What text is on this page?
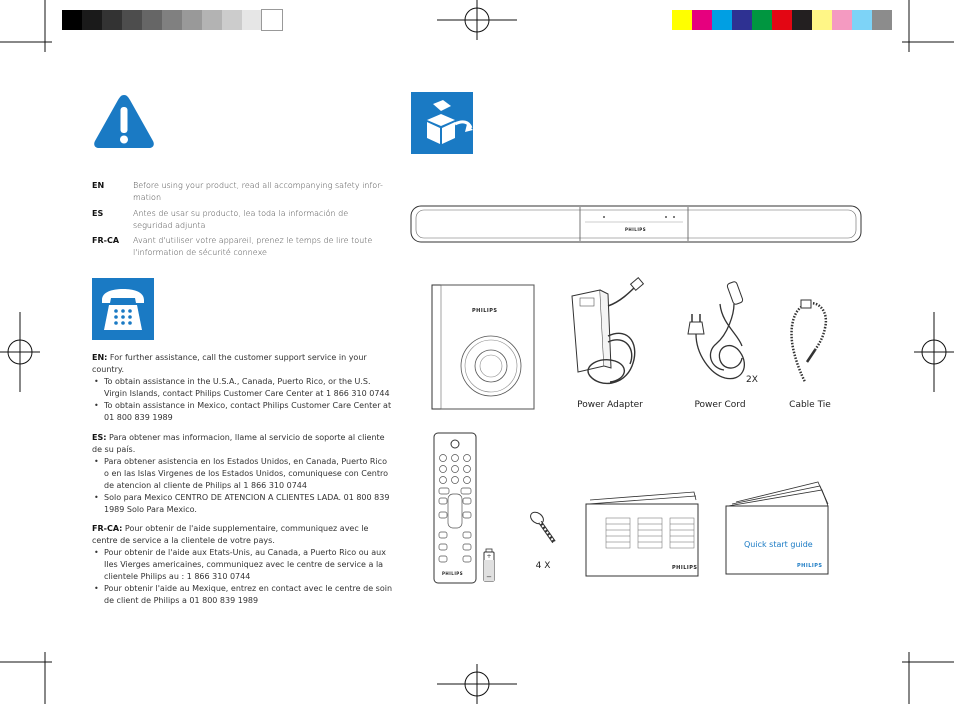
EN	Before using your product, read all accompanying safety infor-mation
ES	Antes de usar su producto, lea toda la información de seguridad adjunta
FR-CA Avant d'utiliser votre appareil, prenez le temps de lire toute l'information de sécurité connexe
EN: For further assistance, call the customer support service in your country.
• To obtain assistance in the U.S.A., Canada, Puerto Rico, or the U.S. Virgin Islands, contact Philips Customer Care Center at 1 866 310 0744
• To obtain assistance in Mexico, contact Philips Customer Care Center at 01 800 839 1989
ES: Para obtener mas informacion, llame al servicio de soporte al cliente de su país.
• Para obtener asistencia en los Estados Unidos, en Canada, Puerto Rico o en las Islas Virgenes de los Estados Unidos, comuniquese con Centro de atencion al cliente de Philips al 1 866 310 0744
• Solo para Mexico CENTRO DE ATENCION A CLIENTES LADA. 01 800 839 1989 Solo Para Mexico.
FR-CA: Pour obtenir de l'aide supplementaire, communiquez avec le centre de service a la clientele de votre pays.
• Pour obtenir de l'aide aux Etats-Unis, au Canada, a Puerto Rico ou aux Iles Vierges americaines, communiquez avec le centre de service a la clientele Philips au : 1 866 310 0744
• Pour obtenir l'aide au Mexique, entrez en contact avec le centre de soin de client de Philips a 01 800 839 1989
PHILIPS
PHILIPS
Power Adapter
2X
Power Cord	Cable Tie
PHILIPS
+
−
4 X	PHILIPS
Quick start guide
PHILIPS
